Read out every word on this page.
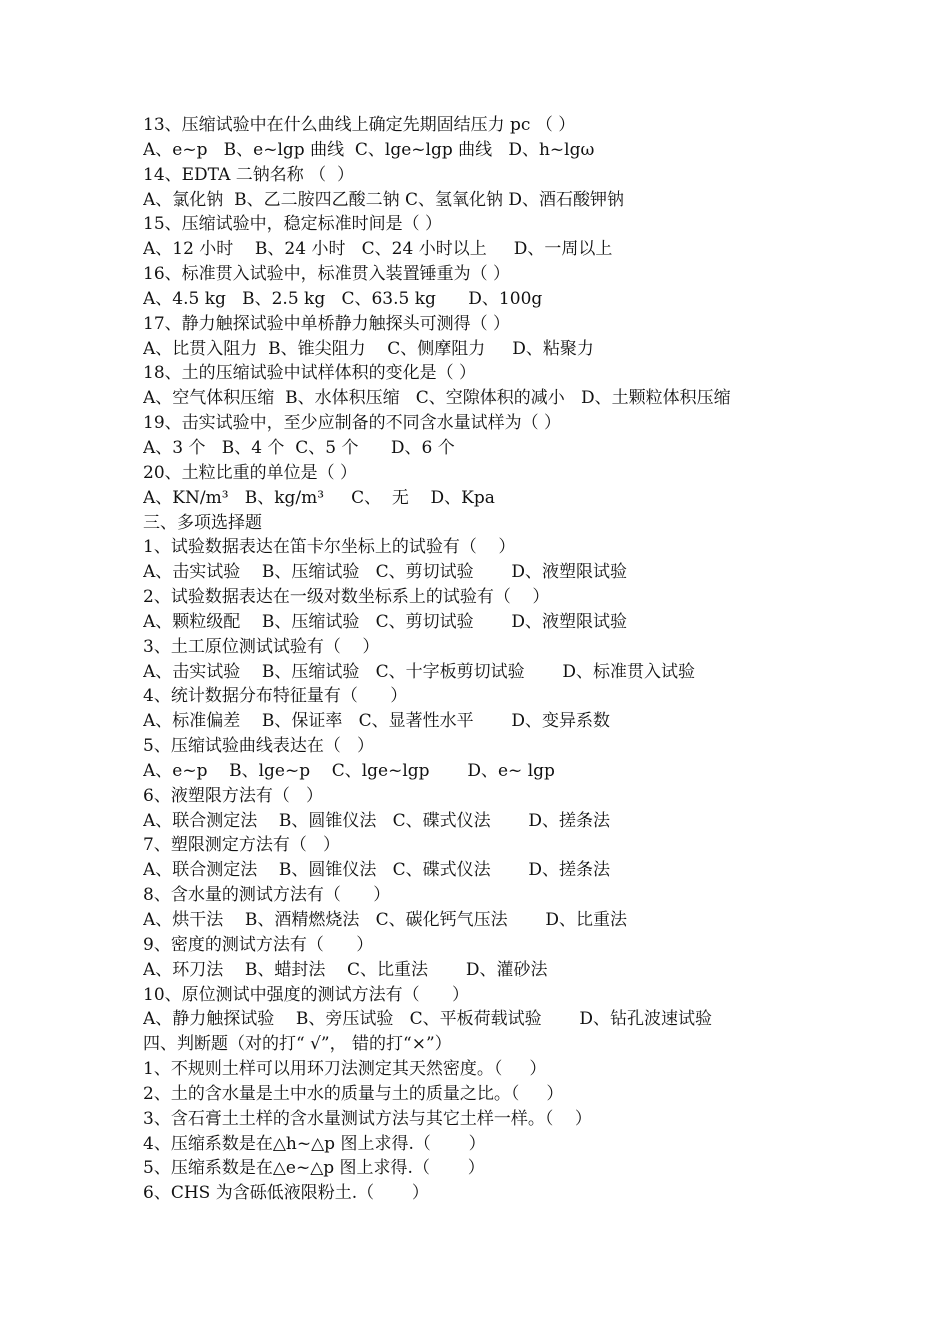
13、压缩试验中在什么曲线上确定先期固结压力 pc （ ）
A、e~p   B、e~lgp 曲线  C、lge~lgp 曲线   D、h~lgω
14、EDTA 二钠名称 （  ）
A、氯化钠  B、乙二胺四乙酸二钠 C、氢氧化钠 D、酒石酸钾钠
15、压缩试验中，稳定标准时间是（ ）
A、12 小时    B、24 小时   C、24 小时以上     D、一周以上
16、标准贯入试验中，标准贯入装置锤重为（ ）
A、4.5 kg   B、2.5 kg   C、63.5 kg      D、100g
17、静力触探试验中单桥静力触探头可测得（ ）
A、比贯入阻力  B、锥尖阻力    C、侧摩阻力     D、粘聚力
18、土的压缩试验中试样体积的变化是（ ）
A、空气体积压缩  B、水体积压缩   C、空隙体积的减小   D、土颗粒体积压缩
19、击实试验中，至少应制备的不同含水量试样为（ ）
A、3 个   B、4 个  C、5 个      D、6 个
20、土粒比重的单位是（ ）
A、KN/m³   B、kg/m³     C、  无    D、Kpa
三、多项选择题
1、试验数据表达在笛卡尔坐标上的试验有（    ）
A、击实试验    B、压缩试验   C、剪切试验       D、液塑限试验
2、试验数据表达在一级对数坐标系上的试验有（    ）
A、颗粒级配    B、压缩试验   C、剪切试验       D、液塑限试验
3、土工原位测试试验有（    ）
A、击实试验    B、压缩试验   C、十字板剪切试验       D、标准贯入试验
4、统计数据分布特征量有（      ）
A、标准偏差    B、保证率   C、显著性水平       D、变异系数
5、压缩试验曲线表达在（   ）
A、e~p    B、lge~p    C、lge~lgp       D、e~ lgp
6、液塑限方法有（   ）
A、联合测定法    B、圆锥仪法   C、碟式仪法       D、搓条法
7、塑限测定方法有（   ）
A、联合测定法    B、圆锥仪法   C、碟式仪法       D、搓条法
8、含水量的测试方法有（      ）
A、烘干法    B、酒精燃烧法   C、碳化钙气压法       D、比重法
9、密度的测试方法有（      ）
A、环刀法    B、蜡封法    C、比重法       D、灌砂法
10、原位测试中强度的测试方法有（      ）
A、静力触探试验    B、旁压试验   C、平板荷载试验       D、钻孔波速试验
四、判断题（对的打“ √”， 错的打“×”）
1、不规则土样可以用环刀法测定其天然密度。（     ）
2、土的含水量是土中水的质量与土的质量之比。（     ）
3、含石膏土土样的含水量测试方法与其它土样一样。（    ）
4、压缩系数是在△h~△p 图上求得.（       ）
5、压缩系数是在△e~△p 图上求得.（       ）
6、CHS 为含砾低液限粉土.（       ）
